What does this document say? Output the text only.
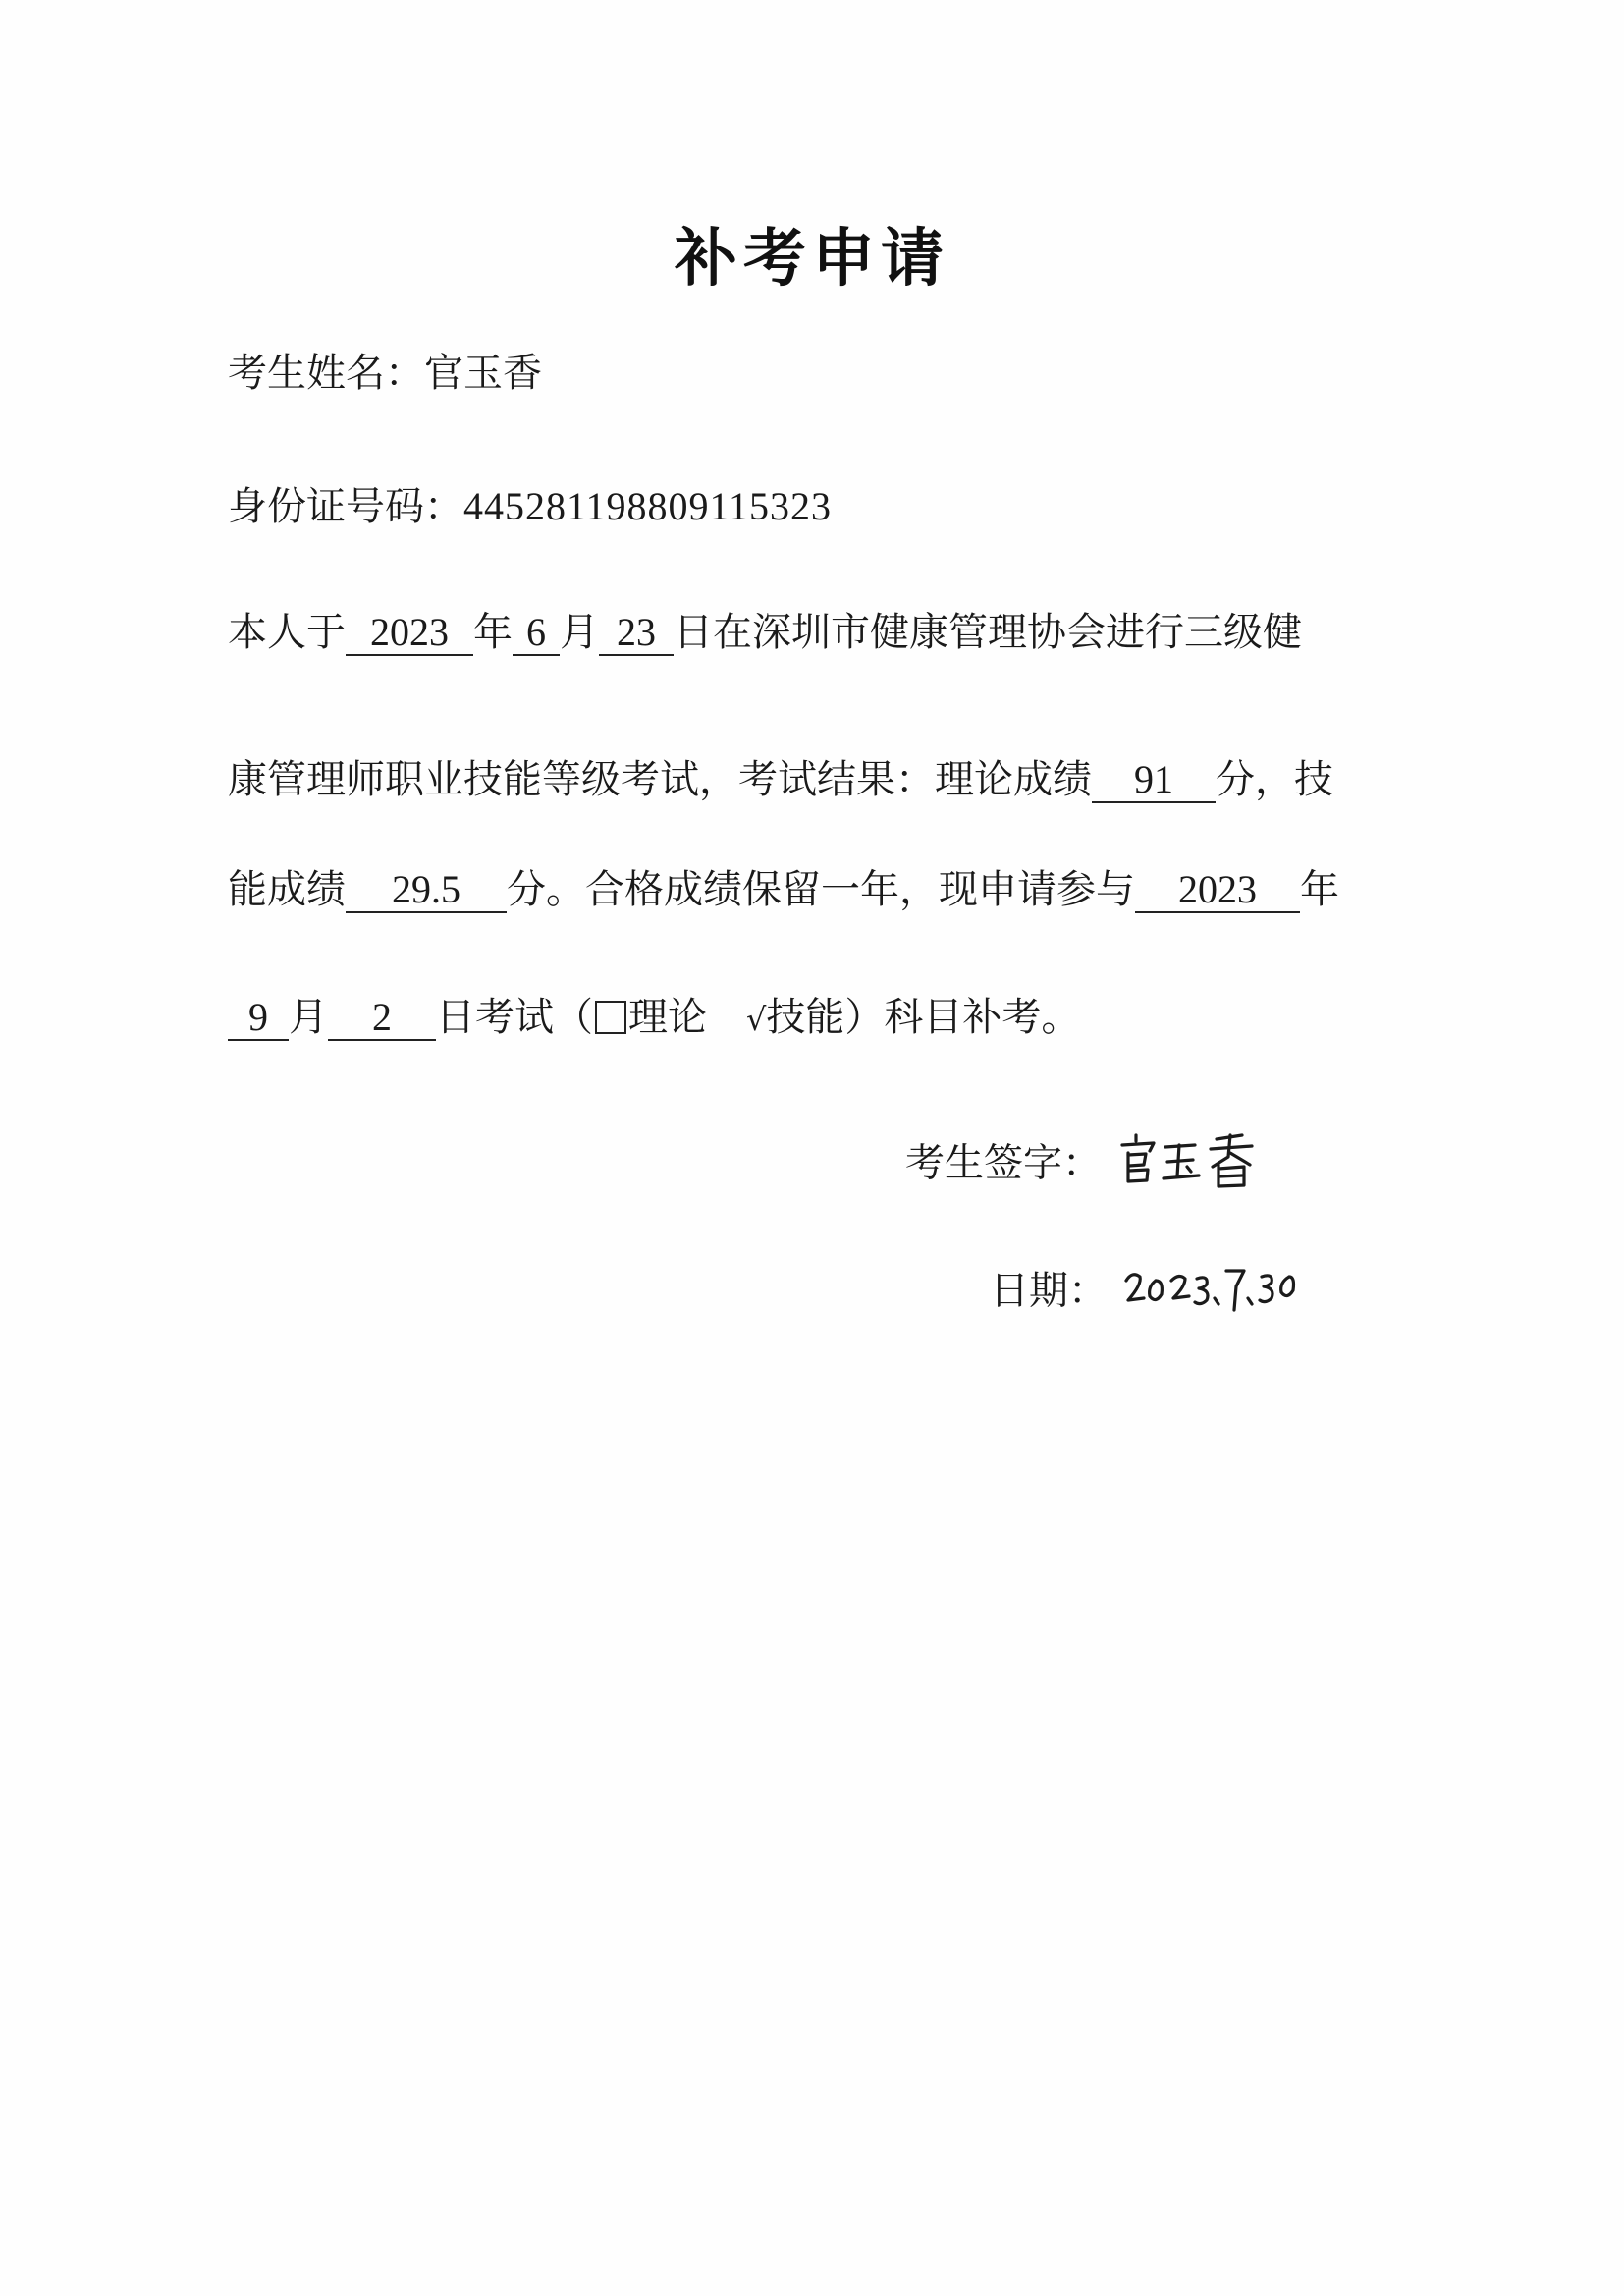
补考申请
考生姓名：官玉香
身份证号码：445281198809115323
本人于 2023 年 6 月 23 日在深圳市健康管理协会进行三级健
康管理师职业技能等级考试，考试结果：理论成绩 91 分，技
能成绩 29.5 分。合格成绩保留一年，现申请参与 2023 年
9 月 2 日考试（ 理论 √技能）科目补考。
考生签字：
日期：
